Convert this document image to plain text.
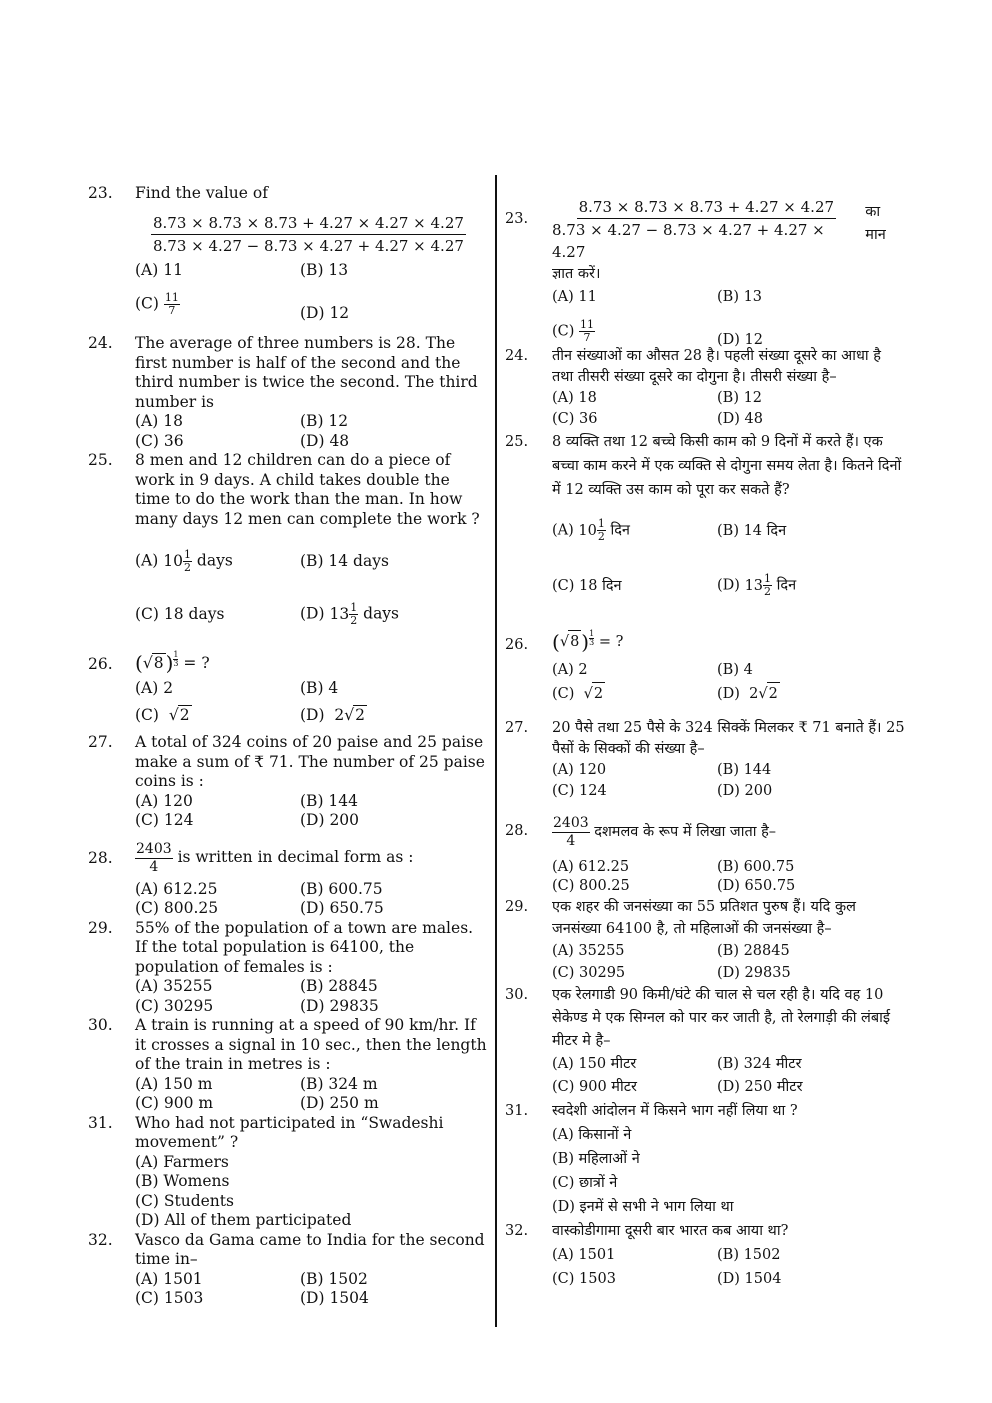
23. Find the value of
$\frac{8.73 \times 8.73 \times 8.73 + 4.27 \times 4.27 \times 4.27}{8.73 \times 4.27 - 8.73 \times 4.27 + 4.27 \times 4.27}$
(A) 11	(B) 13
$(C) \frac{11}{7}$	(D) 12
24. The average of three numbers is 28. The first number is half of the second and the third number is twice the second. The third number is
(A) 18	(B) 12
(C) 36	(D) 48
25. 8 men and 12 children can do a piece of work in 9 days. A child takes double the time to do the work than the man. In how many days 12 men can complete the work ?
(A) $10 \frac{1}{2}$ days	(B) 14 days
(C) 18 days	(D) $13 \frac{1}{2}$ days
26. ( √ 8 ) $^{\frac{1}{3}}$
= ?
(A) 2	(B) 4
(C)  √2	(D) 2√2
27. A total of 324 coins of 20 paise and 25 paise make a sum of ₹ 71. The number of 25 paise coins is :
(A) 120	(B) 144
(C) 124	(D) 200
28. $\frac{2403}{4}$
is written in decimal form as :
(A) 612.25	(B) 600.75
(C) 800.25	(D) 650.75
29. 55% of the population of a town are males. If the total population is 64100, the population of females is :
(A) 35255	(B) 28845
(C) 30295	(D) 29835
30. A train is running at a speed of 90 km/hr. If it crosses a signal in 10 sec., then the length of the train in metres is :
(A) 150 m	(B) 324 m
(C) 900 m	(D) 250 m
31. Who had not participated in “Swadeshi movement” ?
(A) Farmers
(B) Womens
(C) Students
(D) All of them participated
32. Vasco da Gama came to India for the second time in–
(A) 1501	(B) 1502
(C) 1503	(D) 1504
23. $\frac{8.73 \times 8.73 \times 8.73 + 4.27 \times 4.27}{8.73 \times 4.27 - 8.73 \times 4.27 + 4.27 \times 4.27}$
का मान
ज्ञात करें।
(A) 11	(B) 13
$(C) \frac{11}{7}$	(D) 12
24. तीन संख्याओं का औसत 28 है। पहली संख्या दूसरे का आधा है तथा तीसरी संख्या दूसरे का दोगुना है। तीसरी संख्या है–
(A) 18	(B) 12
(C) 36	(D) 48
25. 8 व्यक्ति तथा 12 बच्चे किसी काम को 9 दिनों में करते हैं। एक बच्चा काम करने में एक व्यक्ति से दोगुना समय लेता है। कितने दिनों में 12 व्यक्ति उस काम को पूरा कर सकते हैं?
(A) $10 \frac{1}{2}$ दिन	(B) 14 दिन
(C) 18 दिन	(D) $13 \frac{1}{2}$ दिन
26. ( √ 8 ) $^{\frac{1}{3}}$
= ?
(A) 2	(B) 4
(C)  √2	(D) 2√2
27. 20 पैसे तथा 25 पैसे के 324 सिक्कें मिलकर ₹ 71 बनाते हैं। 25 पैसों के सिक्कों की संख्या है–
(A) 120	(B) 144
(C) 124	(D) 200
28. $\frac{2403}{4}$
दशमलव के रूप में लिखा जाता है–
(A) 612.25	(B) 600.75
(C) 800.25	(D) 650.75
29. एक शहर की जनसंख्या का 55 प्रतिशत पुरुष हैं। यदि कुल जनसंख्या 64100 है, तो महिलाओं की जनसंख्या है–
(A) 35255	(B) 28845
(C) 30295	(D) 29835
30. एक रेलगाडी 90 किमी/घंटे की चाल से चल रही है। यदि वह 10 सेकेण्ड मे एक सिग्नल को पार कर जाती है, तो रेलगाड़ी की लंबाई मीटर मे है–
(A) 150 मीटर	(B) 324 मीटर
(C) 900 मीटर	(D) 250 मीटर
31. स्वदेशी आंदोलन में किसने भाग नहीं लिया था ?
(A) किसानों ने
(B) महिलाओं ने
(C) छात्रों ने
(D) इनमें से सभी ने भाग लिया था
32. वास्कोडीगामा दूसरी बार भारत कब आया था?
(A) 1501	(B) 1502
(C) 1503	(D) 1504
